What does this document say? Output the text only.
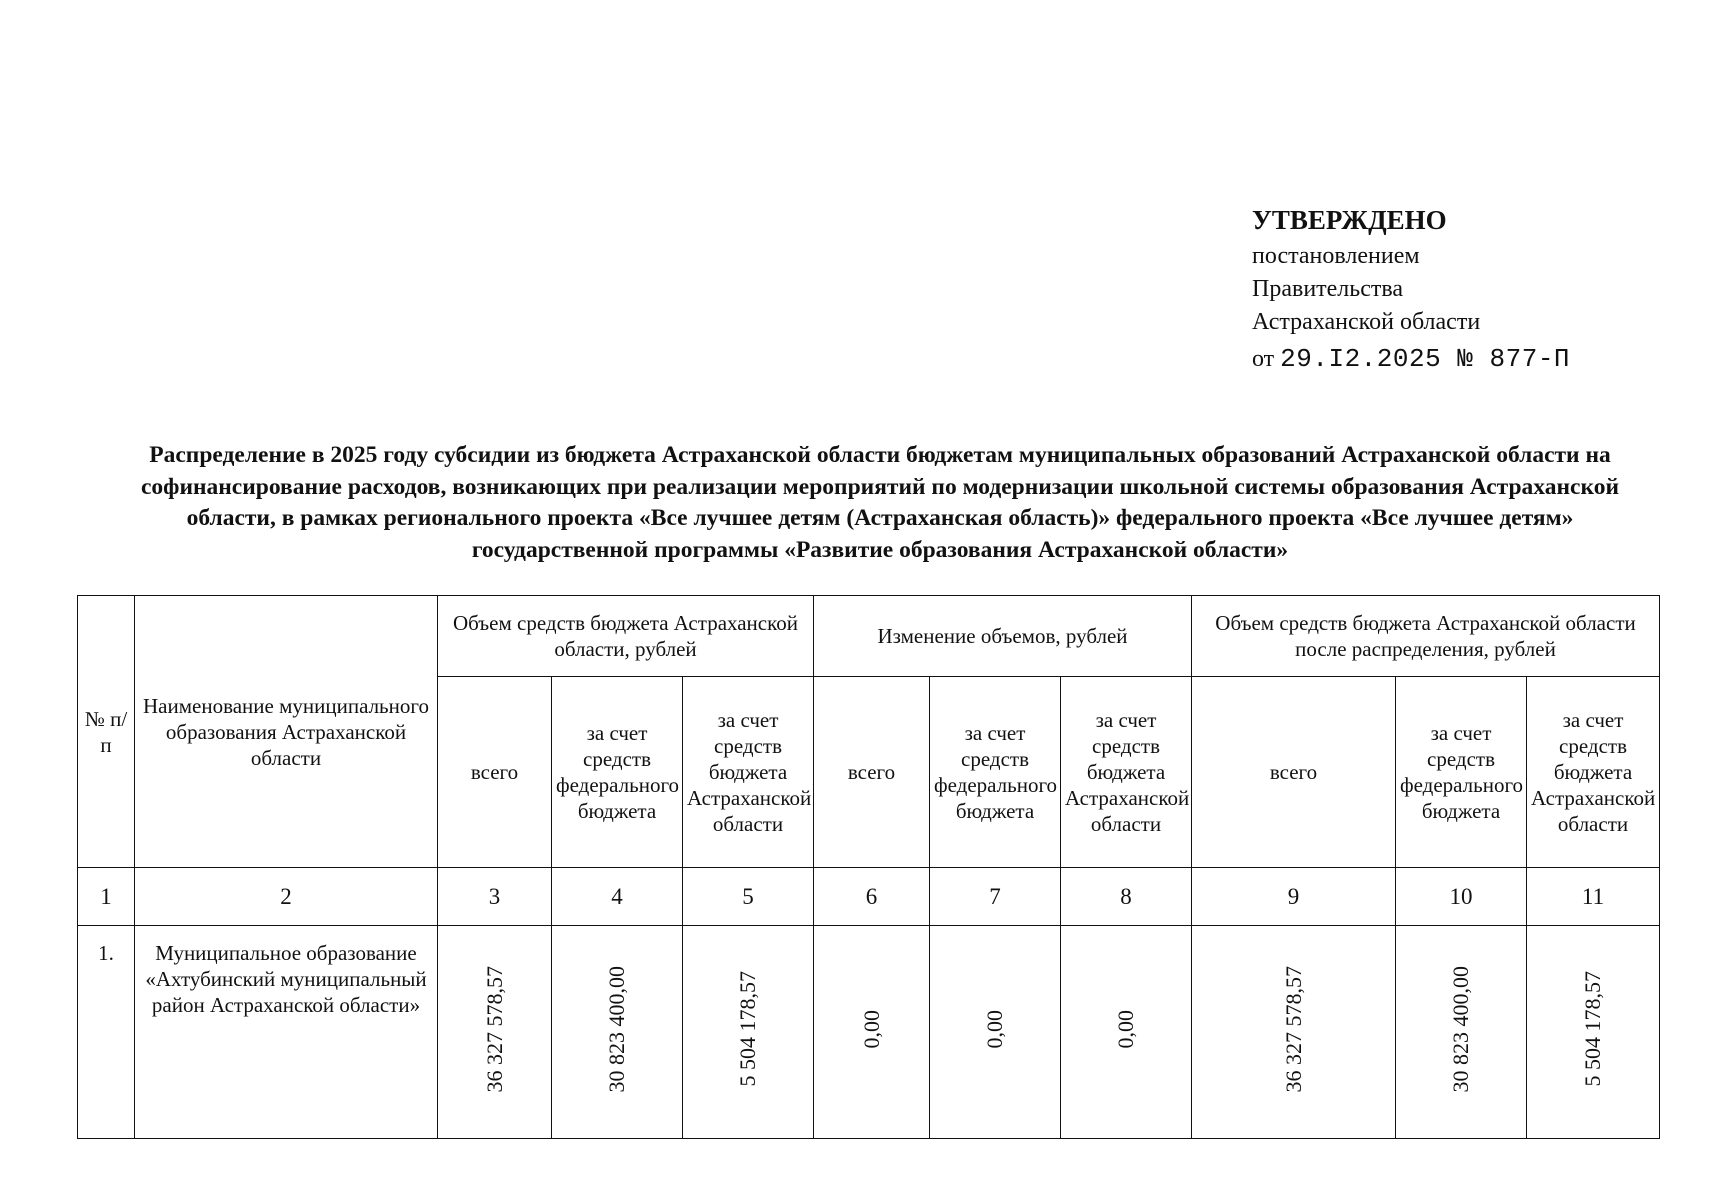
УТВЕРЖДЕНО
постановлением
Правительства
Астраханской области
от 29.I2.2025 № 877-П
Распределение в 2025 году субсидии из бюджета Астраханской области бюджетам муниципальных образований Астраханской области на софинансирование расходов, возникающих при реализации мероприятий по модернизации школьной системы образования Астраханской области, в рамках регионального проекта «Все лучшее детям (Астраханская область)» федерального проекта «Все лучшее детям» государственной программы «Развитие образования Астраханской области»
№ п/п	Наименование муниципального образования Астраханской области	Объем средств бюджета Астраханской области, рублей			Изменение объемов, рублей			Объем средств бюджета Астраханской области после распределения, рублей		
		всего	за счет средств федерального бюджета	за счет средств бюджета Астраханской области	всего	за счет средств федерального бюджета	за счет средств бюджета Астраханской области	всего	за счет средств федерального бюджета	за счет средств бюджета Астраханской области
1	2	3	4	5	6	7	8	9	10	11
1.	Муниципальное образование «Ахтубинский муниципальный район Астраханской области»	36 327 578,57	30 823 400,00	5 504 178,57	0,00	0,00	0,00	36 327 578,57	30 823 400,00	5 504 178,57
